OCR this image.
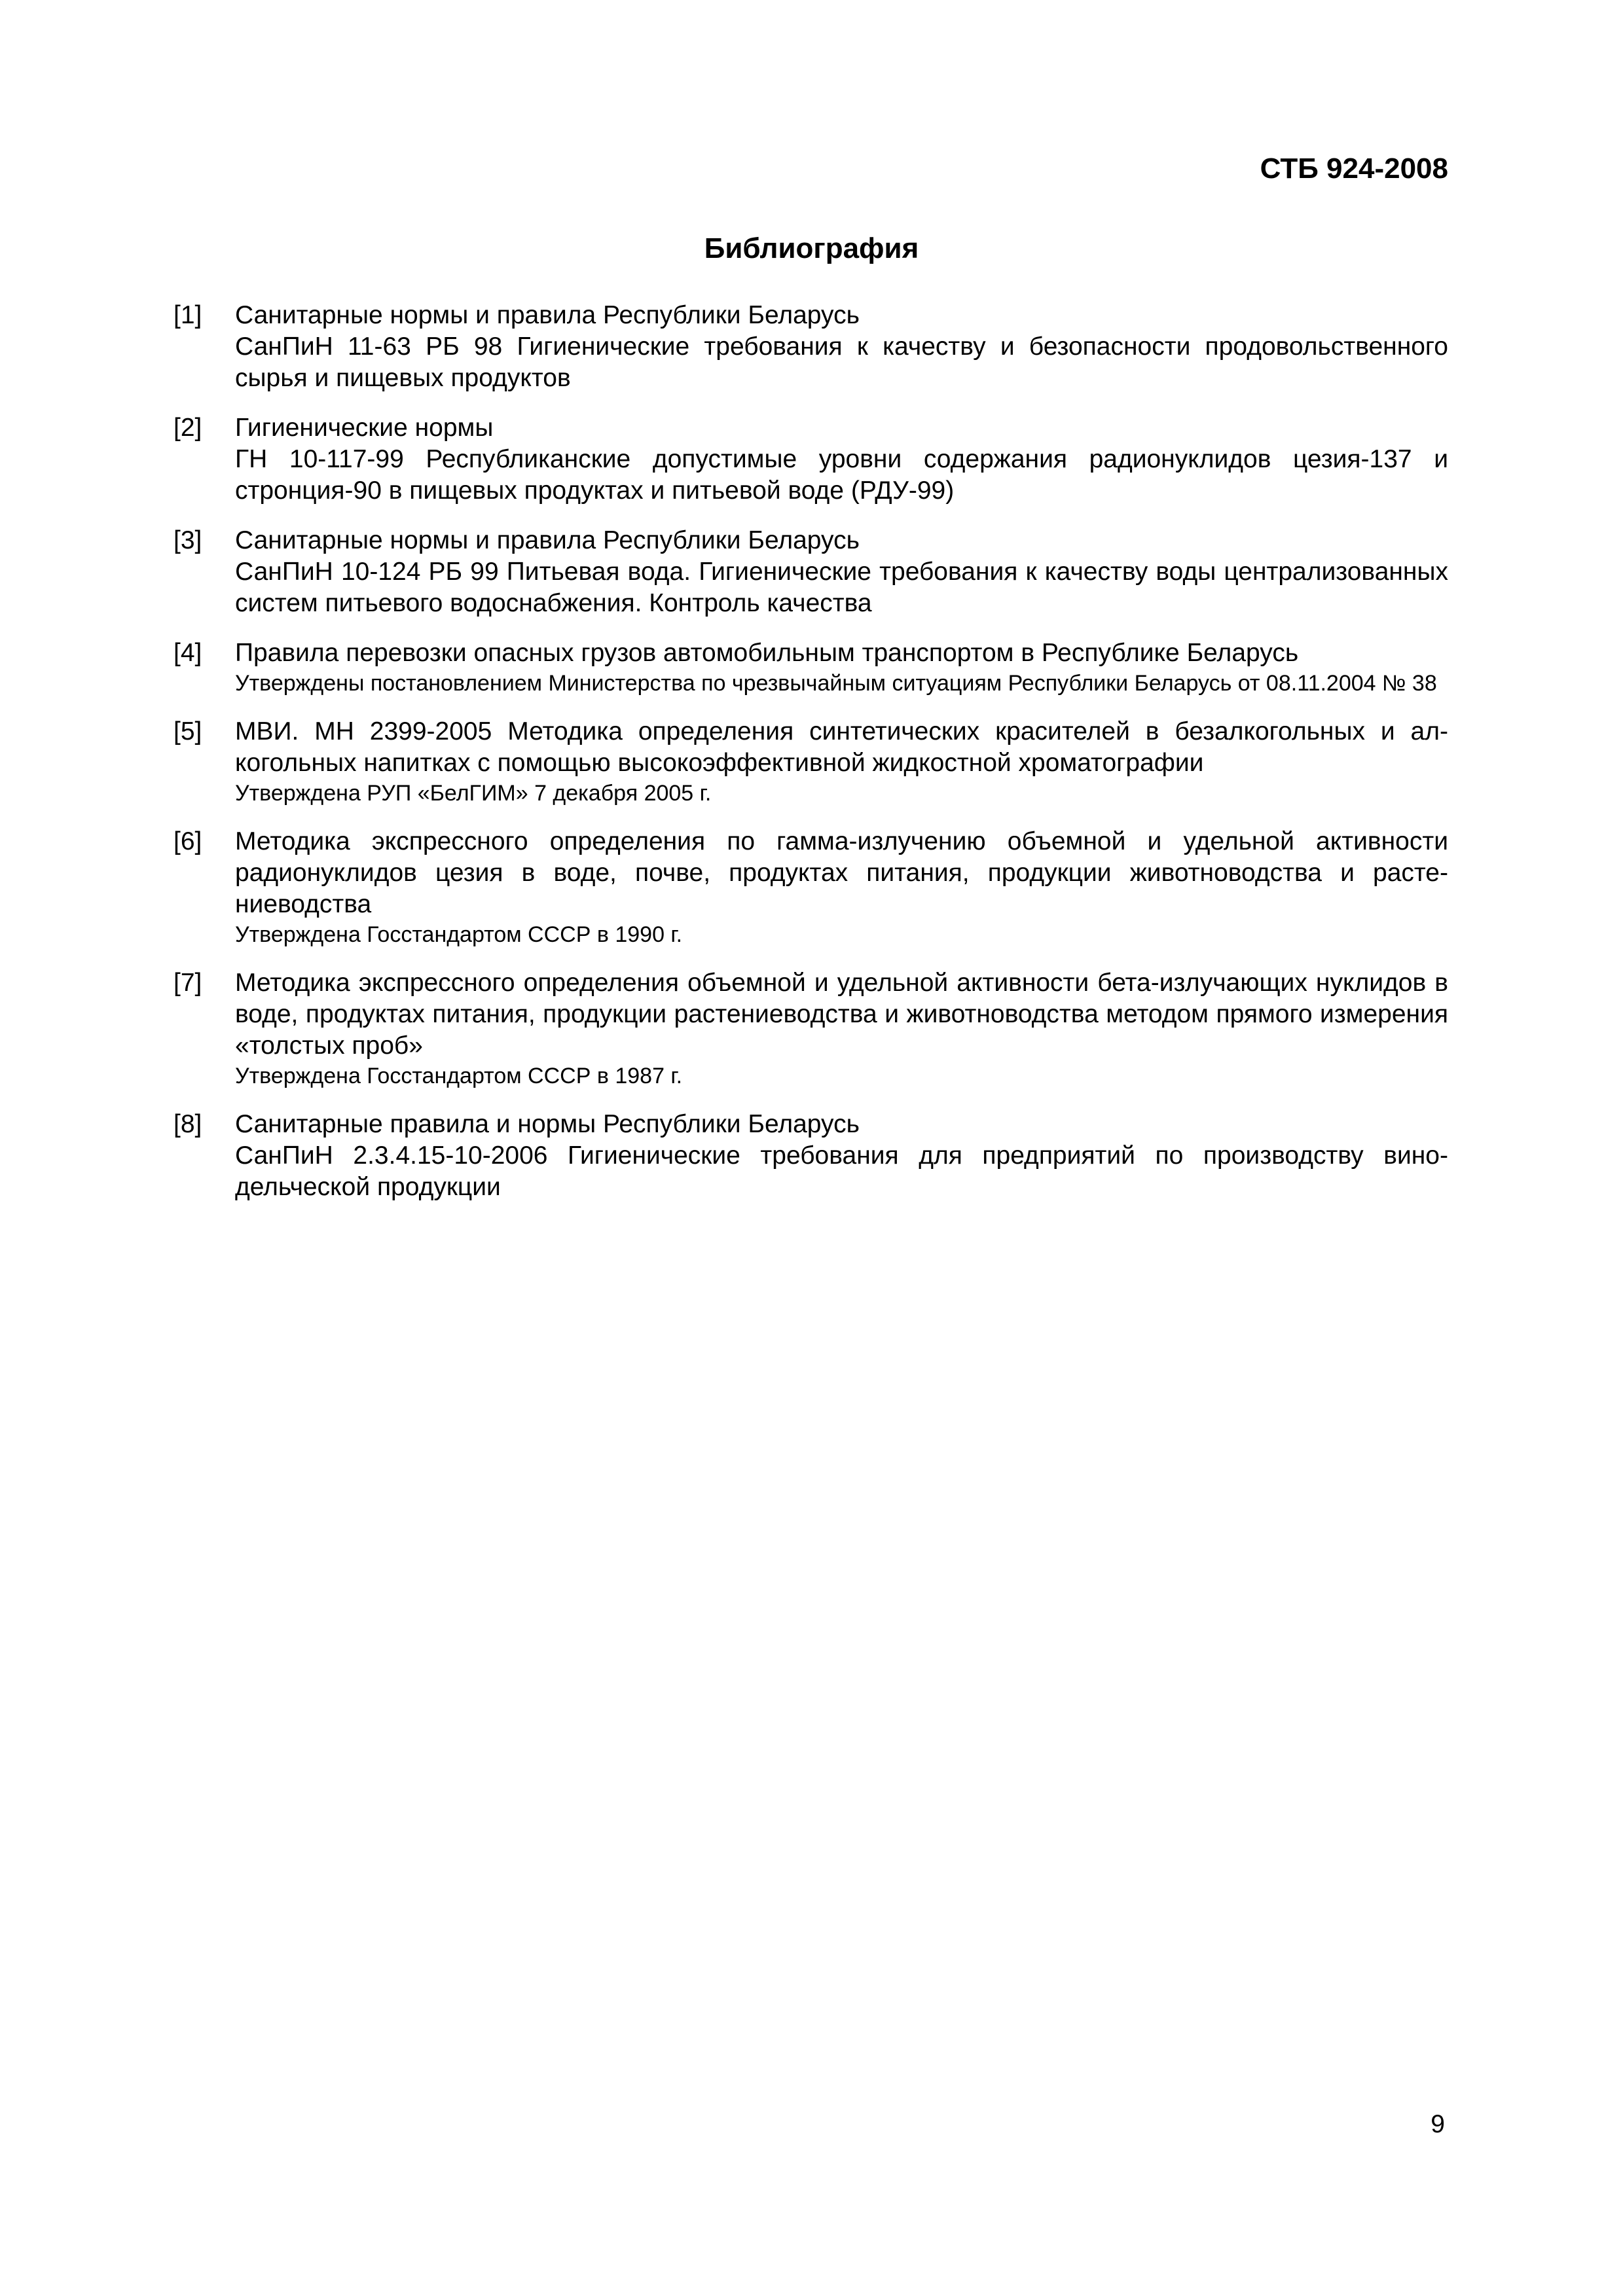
СТБ 924-2008
Библиография
[1]	Санитарные нормы и правила Республики Беларусь
СанПиН 11-63 РБ 98 Гигиенические требования к качеству и безопасности продовольственного сырья и пищевых продуктов
[2]	Гигиенические нормы
ГН 10-117-99 Республиканские допустимые уровни содержания радионуклидов цезия-137 и стронция-90 в пищевых продуктах и питьевой воде (РДУ-99)
[3]	Санитарные нормы и правила Республики Беларусь
СанПиН 10-124 РБ 99 Питьевая вода. Гигиенические требования к качеству воды централизованных систем питьевого водоснабжения. Контроль качества
[4]	Правила перевозки опасных грузов автомобильным транспортом в Республике Беларусь
Утверждены постановлением Министерства по чрезвычайным ситуациям Республики Беларусь от 08.11.2004 № 38
[5]	МВИ. МН 2399-2005 Методика определения синтетических красителей в безалкогольных и алкогольных напитках с помощью высокоэффективной жидкостной хроматографии
Утверждена РУП «БелГИМ» 7 декабря 2005 г.
[6]	Методика экспрессного определения по гамма-излучению объемной и удельной активности радионуклидов цезия в воде, почве, продуктах питания, продукции животноводства и растениеводства
Утверждена Госстандартом СССР в 1990 г.
[7]	Методика экспрессного определения объемной и удельной активности бета-излучающих нуклидов в воде, продуктах питания, продукции растениеводства и животноводства методом прямого измерения «толстых проб»
Утверждена Госстандартом СССР в 1987 г.
[8]	Санитарные правила и нормы Республики Беларусь
СанПиН 2.3.4.15-10-2006 Гигиенические требования для предприятий по производству винодельческой продукции
9
